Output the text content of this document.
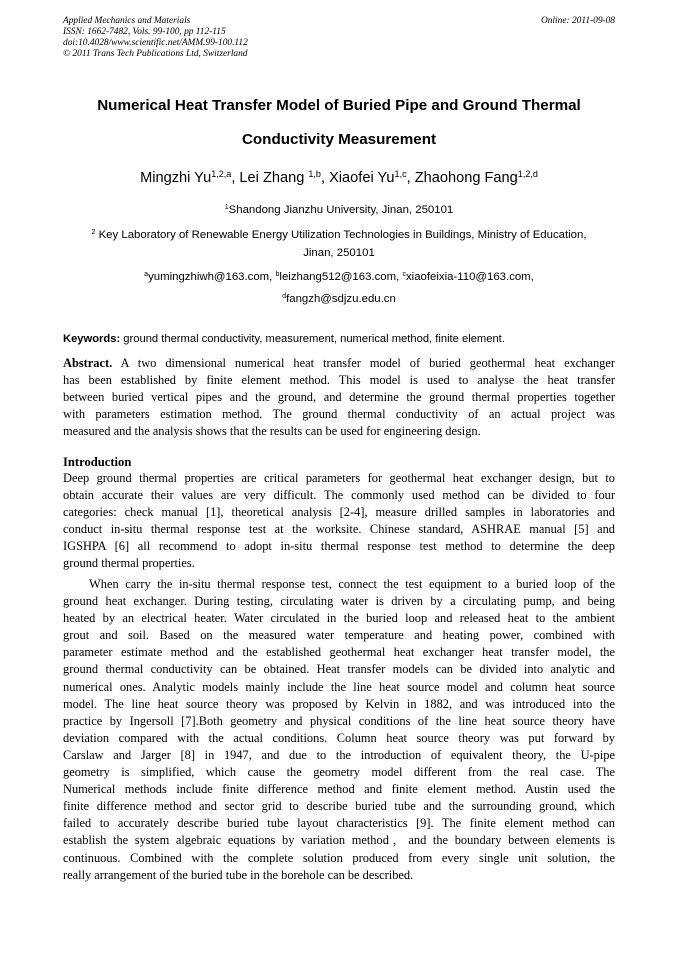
Applied Mechanics and Materials
ISSN: 1662-7482, Vols. 99-100, pp 112-115
doi:10.4028/www.scientific.net/AMM.99-100.112
© 2011 Trans Tech Publications Ltd, Switzerland
Online: 2011-09-08
Numerical Heat Transfer Model of Buried Pipe and Ground Thermal
Conductivity Measurement
Mingzhi Yu$^{1,2,a}$, Lei Zhang $^{1,b}$, Xiaofei Yu$^{1,c}$, Zhaohong Fang$^{1,2,d}$
$^1$Shandong Jianzhu University, Jinan, 250101
$^2$ Key Laboratory of Renewable Energy Utilization Technologies in Buildings, Ministry of Education,
Jinan, 250101
$^a$yumingzhiwh@163.com, $^b$leizhang512@163.com, $^c$xiaofeixia-110@163.com,
$^d$fangzh@sdjzu.edu.cn
Keywords: ground thermal conductivity, measurement, numerical method, finite element.
Abstract. A two dimensional numerical heat transfer model of buried geothermal heat exchanger
has been established by finite element method. This model is used to analyse the heat transfer
between buried vertical pipes and the ground, and determine the ground thermal properties together
with parameters estimation method. The ground thermal conductivity of an actual project was
measured and the analysis shows that the results can be used for engineering design.
Introduction
Deep ground thermal properties are critical parameters for geothermal heat exchanger design, but to
obtain accurate their values are very difficult. The commonly used method can be divided to four
categories: check manual [1], theoretical analysis [2-4], measure drilled samples in laboratories and
conduct in-situ thermal response test at the worksite. Chinese standard, ASHRAE manual [5] and
IGSHPA [6] all recommend to adopt in-situ thermal response test method to determine the deep
ground thermal properties.
When carry the in-situ thermal response test, connect the test equipment to a buried loop of the
ground heat exchanger. During testing, circulating water is driven by a circulating pump, and being
heated by an electrical heater. Water circulated in the buried loop and released heat to the ambient
grout and soil. Based on the measured water temperature and heating power, combined with
parameter estimate method and the established geothermal heat exchanger heat transfer model, the
ground thermal conductivity can be obtained. Heat transfer models can be divided into analytic and
numerical ones. Analytic models mainly include the line heat source model and column heat source
model. The line heat source theory was proposed by Kelvin in 1882, and was introduced into the
practice by Ingersoll [7].Both geometry and physical conditions of the line heat source theory have
deviation compared with the actual conditions. Column heat source theory was put forward by
Carslaw and Jarger [8] in 1947, and due to the introduction of equivalent theory, the U-pipe
geometry is simplified, which cause the geometry model different from the real case. The
Numerical methods include finite difference method and finite element method. Austin used the
finite difference method and sector grid to describe buried tube and the surrounding ground, which
failed to accurately describe buried tube layout characteristics [9]. The finite element method can
establish the system algebraic equations by variation method，and the boundary between elements is
continuous. Combined with the complete solution produced from every single unit solution, the
really arrangement of the buried tube in the borehole can be described.
